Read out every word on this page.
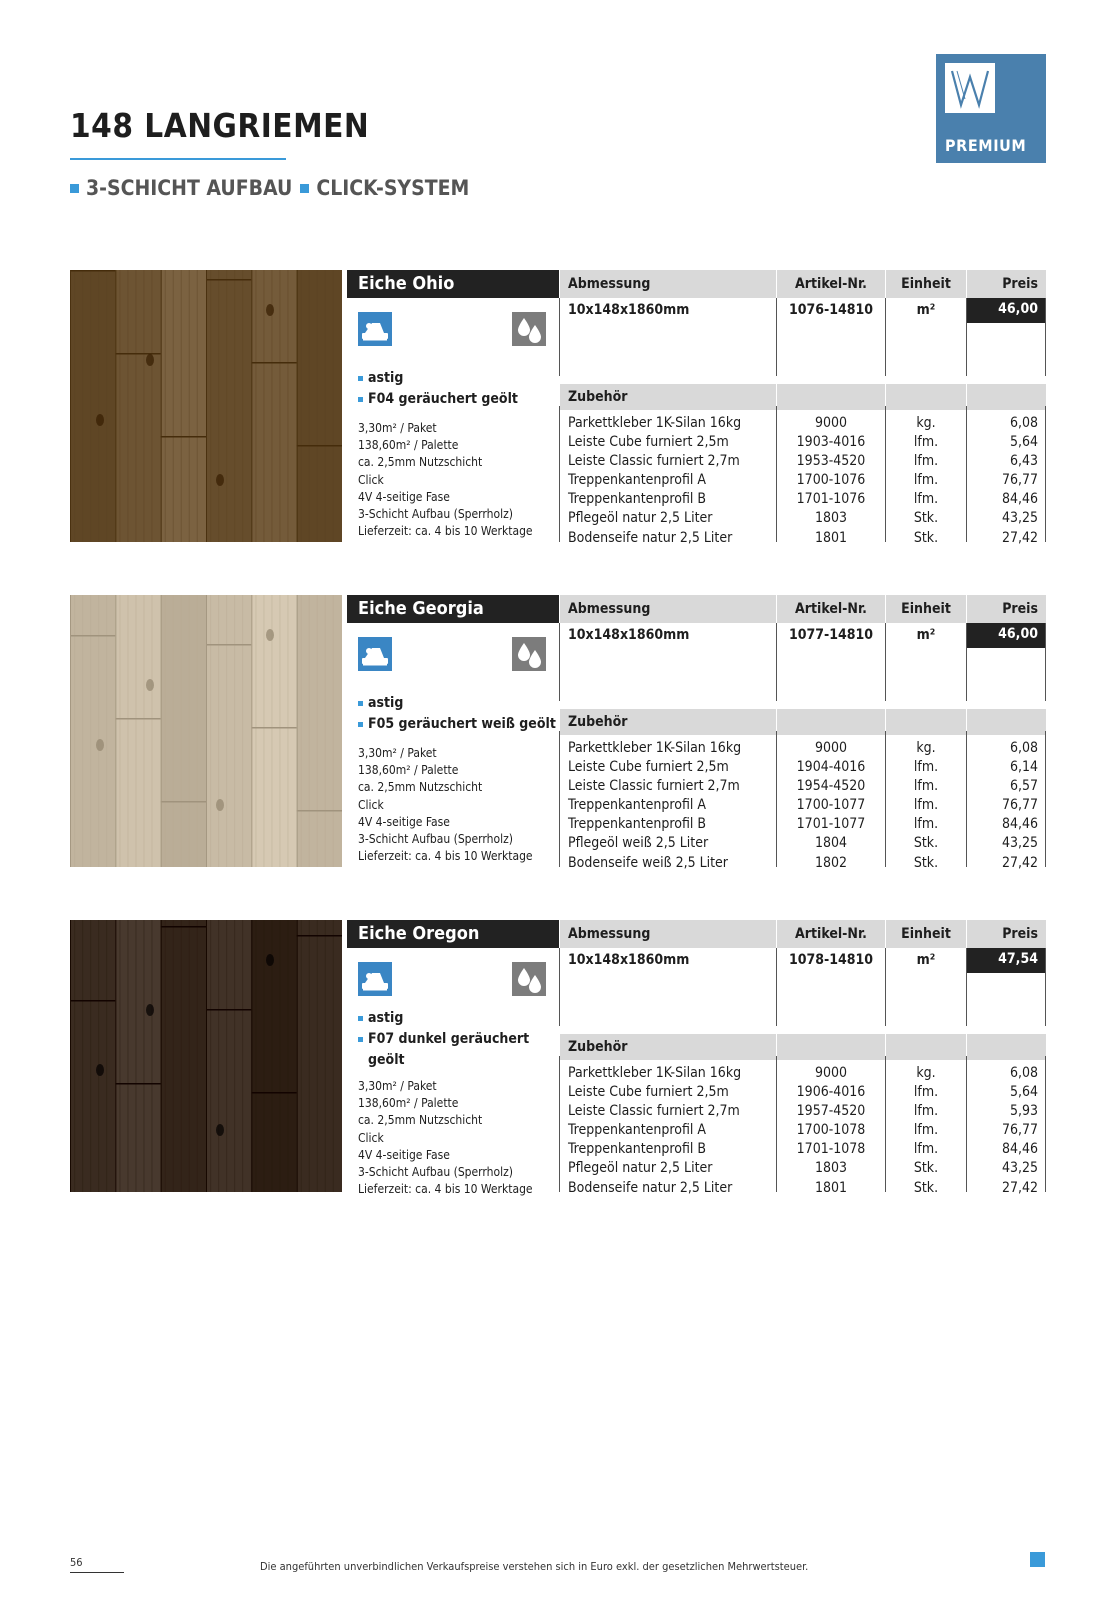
148 LANGRIEMEN
3-SCHICHT AUFBAU CLICK-SYSTEM
PREMIUM
Eiche Ohio
astig
F04 geräuchert geölt
3,30m² / Paket
138,60m² / Palette
ca. 2,5mm Nutzschicht
Click
4V 4-seitige Fase
3-Schicht Aufbau (Sperrholz)
Lieferzeit: ca. 4 bis 10 Werktage
Abmessung
10x148x1860mm
Zubehör
Parkettkleber 1K-Silan 16kg
Leiste Cube furniert 2,5m
Leiste Classic furniert 2,7m
Treppenkantenprofil A
Treppenkantenprofil B
Pflegeöl natur 2,5 Liter
Bodenseife natur 2,5 Liter
Artikel-Nr.
1076-14810
9000
1903-4016
1953-4520
1700-1076
1701-1076
1803
1801
Einheit
m²
kg.
lfm.
lfm.
lfm.
lfm.
Stk.
Stk.
Preis
46,00
6,08
5,64
6,43
76,77
84,46
43,25
27,42
Eiche Georgia
astig
F05 geräuchert weiß geölt
3,30m² / Paket
138,60m² / Palette
ca. 2,5mm Nutzschicht
Click
4V 4-seitige Fase
3-Schicht Aufbau (Sperrholz)
Lieferzeit: ca. 4 bis 10 Werktage
Abmessung
10x148x1860mm
Zubehör
Parkettkleber 1K-Silan 16kg
Leiste Cube furniert 2,5m
Leiste Classic furniert 2,7m
Treppenkantenprofil A
Treppenkantenprofil B
Pflegeöl weiß 2,5 Liter
Bodenseife weiß 2,5 Liter
Artikel-Nr.
1077-14810
9000
1904-4016
1954-4520
1700-1077
1701-1077
1804
1802
Einheit
m²
kg.
lfm.
lfm.
lfm.
lfm.
Stk.
Stk.
Preis
46,00
6,08
6,14
6,57
76,77
84,46
43,25
27,42
Eiche Oregon
astig
F07 dunkel geräuchert geölt
3,30m² / Paket
138,60m² / Palette
ca. 2,5mm Nutzschicht
Click
4V 4-seitige Fase
3-Schicht Aufbau (Sperrholz)
Lieferzeit: ca. 4 bis 10 Werktage
Abmessung
10x148x1860mm
Zubehör
Parkettkleber 1K-Silan 16kg
Leiste Cube furniert 2,5m
Leiste Classic furniert 2,7m
Treppenkantenprofil A
Treppenkantenprofil B
Pflegeöl natur 2,5 Liter
Bodenseife natur 2,5 Liter
Artikel-Nr.
1078-14810
9000
1906-4016
1957-4520
1700-1078
1701-1078
1803
1801
Einheit
m²
kg.
lfm.
lfm.
lfm.
lfm.
Stk.
Stk.
Preis
47,54
6,08
5,64
5,93
76,77
84,46
43,25
27,42
56	Die angeführten unverbindlichen Verkaufspreise verstehen sich in Euro exkl. der gesetzlichen Mehrwertsteuer.
